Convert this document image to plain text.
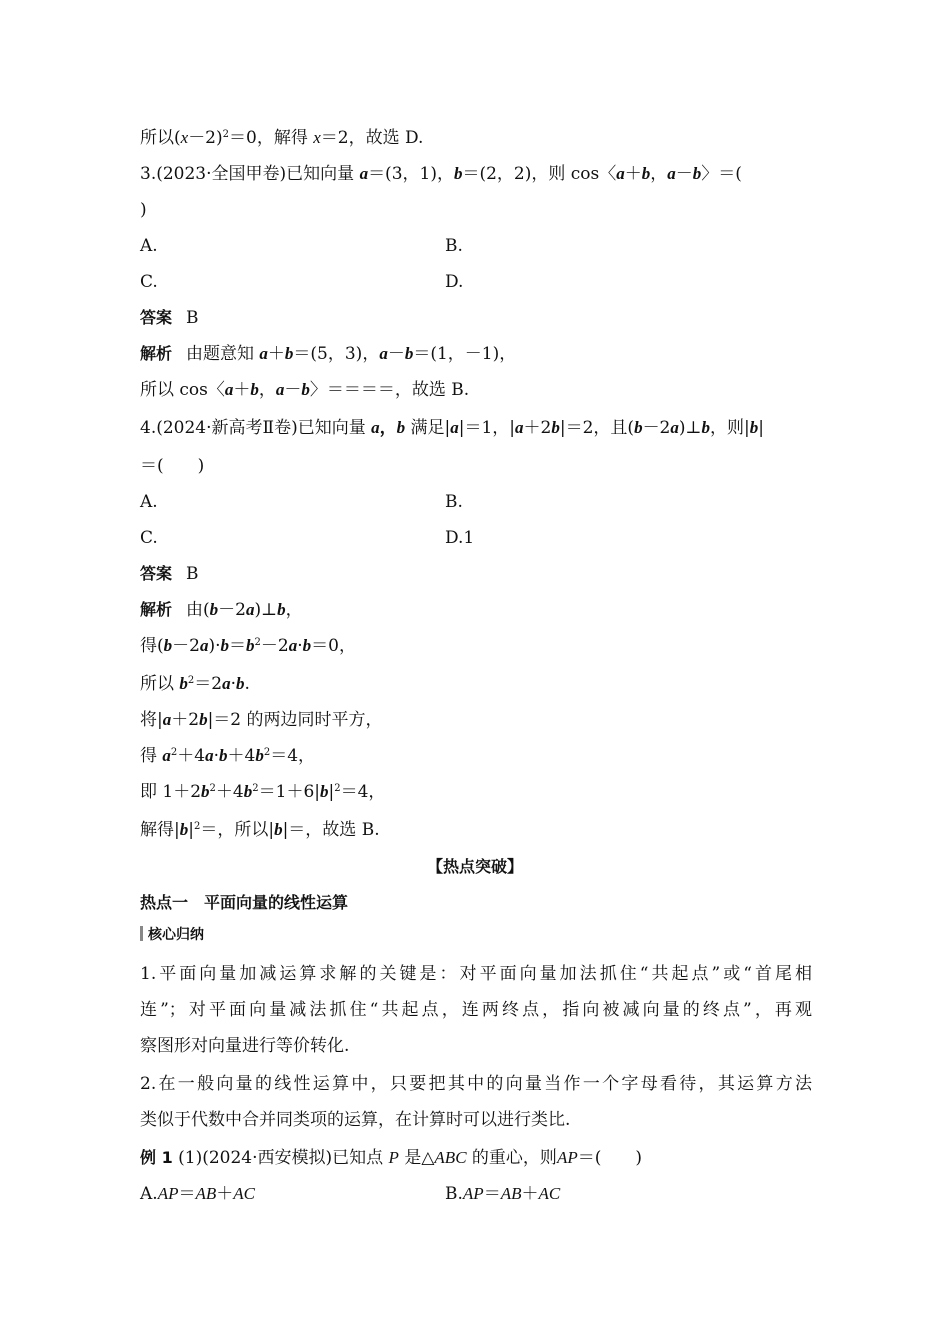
所以$(x-2)^2=0$，解得 x＝2，故选 D.
3.(2023·全国甲卷)已知向量 a＝(3，1)，b＝(2，2)，则 cos〈a＋b，a－b〉＝(
)
A.	B.
C.	D.
答案 B
解析 由题意知 a＋b＝(5，3)，a－b＝(1，－1)，
所以 cos〈a＋b，a－b〉＝＝＝＝，故选 B.
4.(2024·新高考Ⅱ卷)已知向量 a，b 满足|a|＝1，|a＋2b|＝2，且(b－2a)⊥b，则|b|
＝(　　)
A.	B.
C.	D.1
答案 B
解析 由(b－2a)⊥b，
得$(b-2a)\cdot b=b^2-2a\cdot b=0$，
所以 $b^2=2a\cdot b$.
将|a＋2b|＝2 的两边同时平方，
得 $a^2+4a\cdot b+4b^2=4$，
即 $1+2b^2+4b^2=1+6|b|^2=4$，
解得$|b|^2=$，所以|b|＝，故选 B.
【热点突破】
热点一　平面向量的线性运算
核心归纳
1.平面向量加减运算求解的关键是：对平面向量加法抓住“共起点”或“首尾相
连”；对平面向量减法抓住“共起点，连两终点，指向被减向量的终点”，再观
察图形对向量进行等价转化.
2.在一般向量的线性运算中，只要把其中的向量当作一个字母看待，其运算方法
类似于代数中合并同类项的运算，在计算时可以进行类比.
例 1 (1)(2024·西安模拟)已知点 P 是△ABC 的重心，则AP＝(　　)
A.AP＝AB＋AC	B.AP＝AB＋AC
